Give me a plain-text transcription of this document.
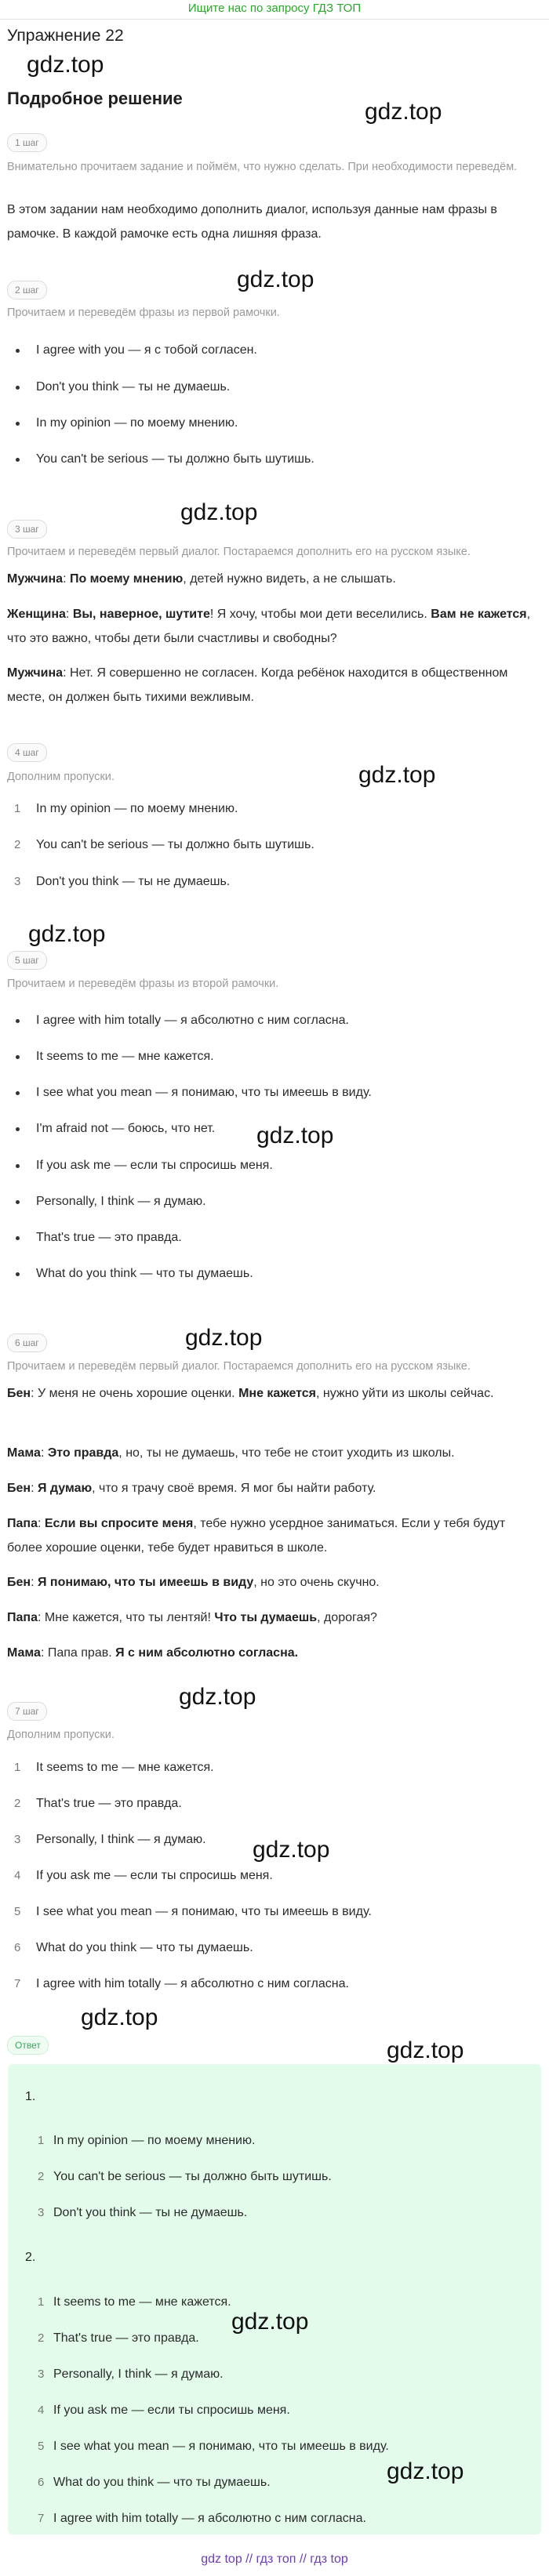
Ищите нас по запросу ГДЗ ТОП
Упражнение 22
gdz.top
Подробное решение
gdz.top
1 шаг
Внимательно прочитаем задание и поймём, что нужно сделать. При необходимости переведём.
В этом задании нам необходимо дополнить диалог, используя данные нам фразы в рамочке. В каждой рамочке есть одна лишняя фраза.
gdz.top
2 шаг
Прочитаем и переведём фразы из первой рамочки.
I agree with you — я с тобой согласен.
Don't you think — ты не думаешь.
In my opinion — по моему мнению.
You can't be serious — ты должно быть шутишь.
gdz.top
3 шаг
Прочитаем и переведём первый диалог. Постараемся дополнить его на русском языке.
Мужчина: По моему мнению, детей нужно видеть, а не слышать.
Женщина: Вы, наверное, шутите! Я хочу, чтобы мои дети веселились. Вам не кажется, что это важно, чтобы дети были счастливы и свободны?
Мужчина: Нет. Я совершенно не согласен. Когда ребёнок находится в общественном месте, он должен быть тихими вежливым.
4 шаг
gdz.top
Дополним пропуски.
1 In my opinion — по моему мнению.
2 You can't be serious — ты должно быть шутишь.
3 Don't you think — ты не думаешь.
gdz.top
5 шаг
Прочитаем и переведём фразы из второй рамочки.
I agree with him totally — я абсолютно с ним согласна.
It seems to me — мне кажется.
I see what you mean — я понимаю, что ты имеешь в виду.
I'm afraid not — боюсь, что нет. gdz.top
If you ask me — если ты спросишь меня.
Personally, I think — я думаю.
That's true — это правда.
What do you think — что ты думаешь.
gdz.top
6 шаг
Прочитаем и переведём первый диалог. Постараемся дополнить его на русском языке.
Бен: У меня не очень хорошие оценки. Мне кажется, нужно уйти из школы сейчас.
Мама: Это правда, но, ты не думаешь, что тебе не стоит уходить из школы.
Бен: Я думаю, что я трачу своё время. Я мог бы найти работу.
Папа: Если вы спросите меня, тебе нужно усердное заниматься. Если у тебя будут более хорошие оценки, тебе будет нравиться в школе.
Бен: Я понимаю, что ты имеешь в виду, но это очень скучно.
Папа: Мне кажется, что ты лентяй! Что ты думаешь, дорогая?
Мама: Папа прав. Я с ним абсолютно согласна.
gdz.top
7 шаг
Дополним пропуски.
1 It seems to me — мне кажется.
2 That's true — это правда.
3 Personally, I think — я думаю. gdz.top
4 If you ask me — если ты спросишь меня.
5 I see what you mean — я понимаю, что ты имеешь в виду.
6 What do you think — что ты думаешь.
7 I agree with him totally — я абсолютно с ним согласна.
gdz.top
Ответ	gdz.top
1.
1 In my opinion — по моему мнению.
2 You can't be serious — ты должно быть шутишь.
3 Don't you think — ты не думаешь.
2.
1 It seems to me — мне кажется.
gdz.top
2 That's true — это правда.
3 Personally, I think — я думаю.
4 If you ask me — если ты спросишь меня.
5 I see what you mean — я понимаю, что ты имеешь в виду.
gdz.top
6 What do you think — что ты думаешь.
7 I agree with him totally — я абсолютно с ним согласна.
gdz top // гдз топ // гдз top
